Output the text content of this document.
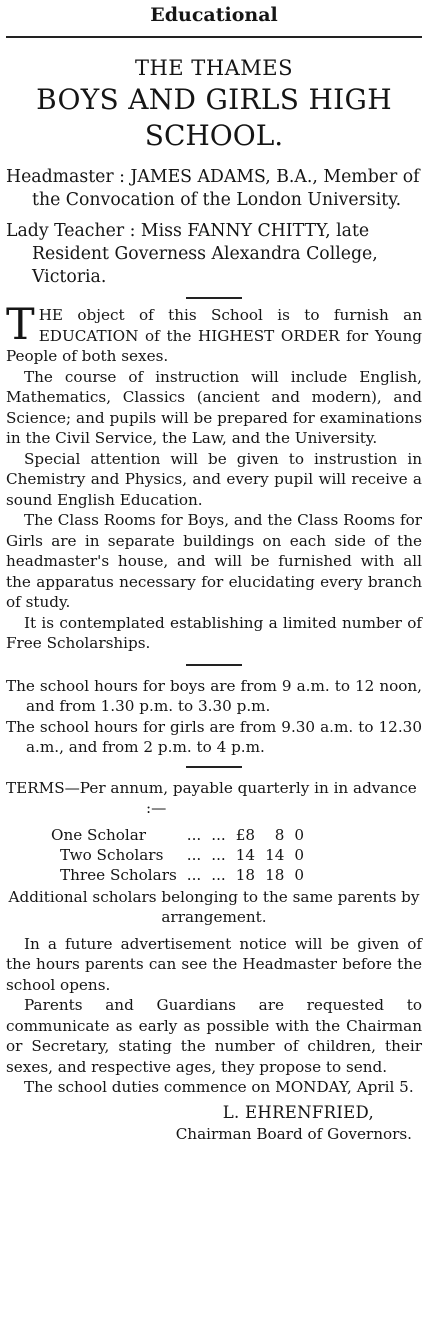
Educational
THE THAMES
BOYS AND GIRLS HIGH
SCHOOL.

Headmaster : JAMES ADAMS, B.A., Member of the Convocation of the London University.

Lady Teacher : Miss FANNY CHITTY, late Resident Governess Alexandra College, Victoria.

T HE object of this School is to furnish an EDUCATION of the HIGHEST ORDER for Young People of both sexes.

The course of instruction will include English, Mathematics, Classics (ancient and modern), and Science; and pupils will be prepared for examinations in the Civil Service, the Law, and the University.

Special attention will be given to instrustion in Chemistry and Physics, and every pupil will receive a sound English Education.

The Class Rooms for Boys, and the Class Rooms for Girls are in separate buildings on each side of the headmaster's house, and will be furnished with all the apparatus necessary for elucidating every branch of study.

It is contemplated establishing a limited number of Free Scholarships.

The school hours for boys are from 9 a.m. to 12 noon, and from 1.30 p.m. to 3.30 p.m.

The school hours for girls are from 9.30 a.m. to 12.30 a.m., and from 2 p.m. to 4 p.m.

TERMS—Per annum, payable quarterly in in advance :—

One Scholar	...	...	£8	8	0
Two Scholars	...	...	14	14	0
Three Scholars	...	...	18	18	0

Additional scholars belonging to the same parents by arrangement.

In a future advertisement notice will be given of the hours parents can see the Headmaster before the school opens.

Parents and Guardians are requested to communicate as early as possible with the Chairman or Secretary, stating the number of children, their sexes, and respective ages, they propose to send.

The school duties commence on MONDAY, April 5.

L. EHRENFRIED,
Chairman Board of Governors.
